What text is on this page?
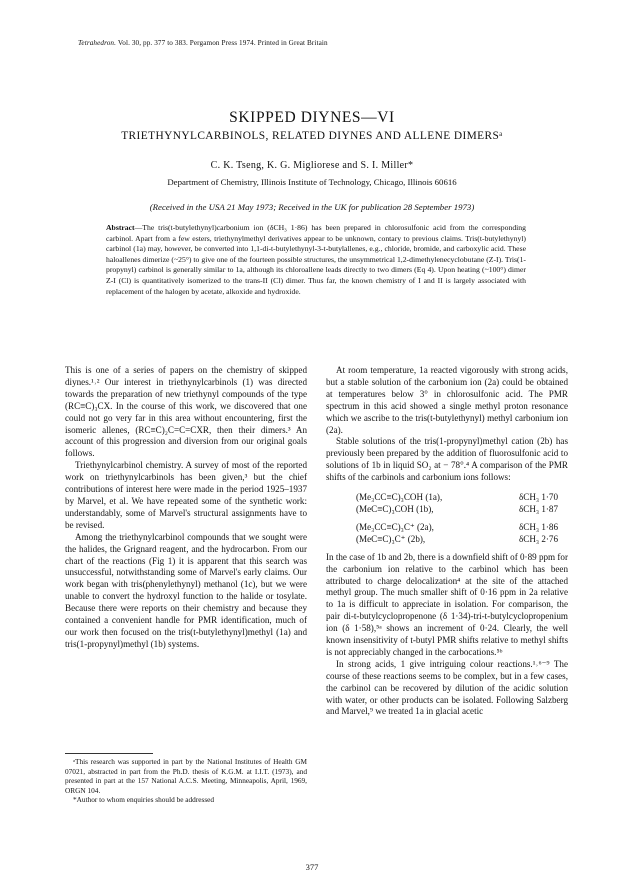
Tetrahedron. Vol. 30, pp. 377 to 383. Pergamon Press 1974. Printed in Great Britain
SKIPPED DIYNES—VI
TRIETHYNYLCARBINOLS, RELATED DIYNES AND ALLENE DIMERSᵃ
C. K. Tseng, K. G. Migliorese and S. I. Miller*
Department of Chemistry, Illinois Institute of Technology, Chicago, Illinois 60616
(Received in the USA 21 May 1973; Received in the UK for publication 28 September 1973)
Abstract—The tris(t-butylethynyl)carbonium ion (δCH₃ 1·86) has been prepared in chlorosulfonic acid from the corresponding carbinol. Apart from a few esters, triethynylmethyl derivatives appear to be unknown, contary to previous claims. Tris(t-butylethynyl) carbinol (1a) may, however, be converted into 1,1-di-t-butylethynyl-3-t-butylallenes, e.g., chloride, bromide, and carboxylic acid. These haloallenes dimerize (~25°) to give one of the fourteen possible structures, the unsymmetrical 1,2-dimethylenecyclobutane (Z-I). Tris(1-propynyl) carbinol is generally similar to 1a, although its chloroallene leads directly to two dimers (Eq 4). Upon heating (~100°) dimer Z-I (Cl) is quantitatively isomerized to the trans-II (Cl) dimer. Thus far, the known chemistry of I and II is largely associated with replacement of the halogen by acetate, alkoxide and hydroxide.

This is one of a series of papers on the chemistry of skipped diynes.¹˒² Our interest in triethynylcarbinols (1) was directed towards the preparation of new triethynyl compounds of the type (RC≡C)₃CX. In the course of this work, we discovered that one could not go very far in this area without encountering, first the isomeric allenes, (RC≡C)₂C=C=CXR, then their dimers.³ An account of this progression and diversion from our original goals follows.

Triethynylcarbinol chemistry. A survey of most of the reported work on triethynylcarbinols has been given,³ but the chief contributions of interest here were made in the period 1925–1937 by Marvel, et al. We have repeated some of the synthetic work: understandably, some of Marvel's structural assignments have to be revised.

Among the triethynylcarbinol compounds that we sought were the halides, the Grignard reagent, and the hydrocarbon. From our chart of the reactions (Fig 1) it is apparent that this search was unsuccessful, notwithstanding some of Marvel's early claims. Our work began with tris(phenylethynyl) methanol (1c), but we were unable to convert the hydroxyl function to the halide or tosylate. Because there were reports on their chemistry and because they contained a convenient handle for PMR identification, much of our work then focused on the tris(t-butylethynyl)methyl (1a) and tris(1-propynyl)methyl (1b) systems.

ᵃThis research was supported in part by the National Institutes of Health GM 07021, abstracted in part from the Ph.D. thesis of K.G.M. at I.I.T. (1973), and presented in part at the 157 National A.C.S. Meeting, Minneapolis, April, 1969, ORGN 104.

*Author to whom enquiries should be addressed

At room temperature, 1a reacted vigorously with strong acids, but a stable solution of the carbonium ion (2a) could be obtained at temperatures below 3° in chlorosulfonic acid. The PMR spectrum in this acid showed a single methyl proton resonance which we ascribe to the tris(t-butylethynyl) methyl carbonium ion (2a).

Stable solutions of the tris(1-propynyl)methyl cation (2b) has previously been prepared by the addition of fluorosulfonic acid to solutions of 1b in liquid SO₂ at − 78°.⁴ A comparison of the PMR shifts of the carbinols and carbonium ions follows:

(Me₃CC≡C)₃COH (1a),	δCH₃ 1·70
(MeC≡C)₃COH (1b),	δCH₃ 1·87
(Me₃CC≡C)₃C⁺ (2a),	δCH₃ 1·86
(MeC≡C)₃C⁺ (2b),	δCH₃ 2·76

In the case of 1b and 2b, there is a downfield shift of 0·89 ppm for the carbonium ion relative to the carbinol which has been attributed to charge delocalization⁴ at the site of the attached methyl group. The much smaller shift of 0·16 ppm in 2a relative to 1a is difficult to appreciate in isolation. For comparison, the pair di-t-butylcyclopropenone (δ 1·34)-tri-t-butylcyclopropenium ion (δ 1·58),⁵ᵃ shows an increment of 0·24. Clearly, the well known insensitivity of t-butyl PMR shifts relative to methyl shifts is not appreciably changed in the carbocations.⁵ᵇ

In strong acids, 1 give intriguing colour reactions.¹˒⁶⁻⁹ The course of these reactions seems to be complex, but in a few cases, the carbinol can be recovered by dilution of the acidic solution with water, or other products can be isolated. Following Salzberg and Marvel,⁹ we treated 1a in glacial acetic

377
